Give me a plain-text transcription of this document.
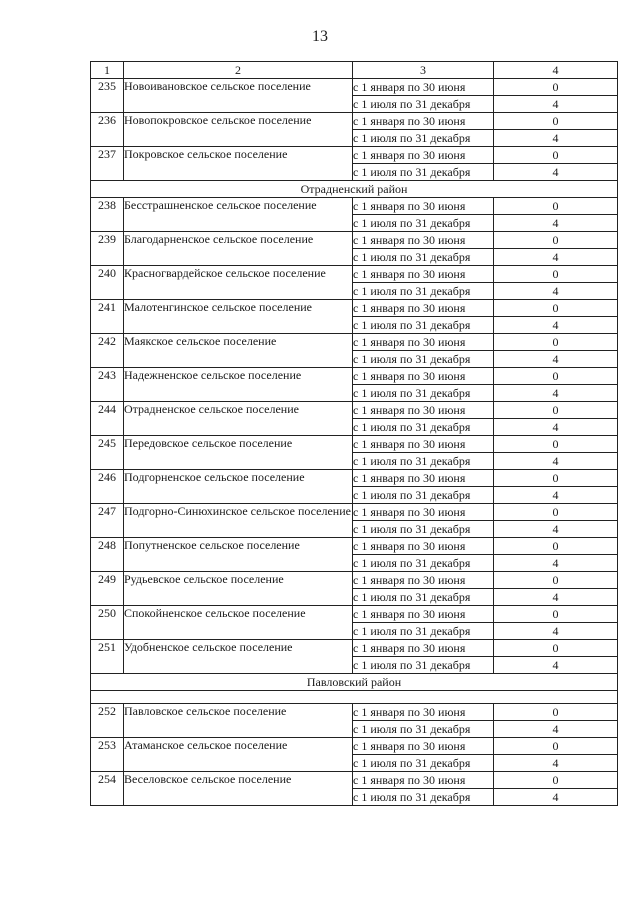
13
1	2	3	4
235	Новоивановское сельское поселение	с 1 января по 30 июня	0
		с 1 июля по 31 декабря	4
236	Новопокровское сельское поселение	с 1 января по 30 июня	0
		с 1 июля по 31 декабря	4
237	Покровское сельское поселение	с 1 января по 30 июня	0
		с 1 июля по 31 декабря	4
Отрадненский район			
238	Бесстрашненское сельское поселение	с 1 января по 30 июня	0
		с 1 июля по 31 декабря	4
239	Благодарненское сельское поселение	с 1 января по 30 июня	0
		с 1 июля по 31 декабря	4
240	Красногвардейское сельское поселение	с 1 января по 30 июня	0
		с 1 июля по 31 декабря	4
241	Малотенгинское сельское поселение	с 1 января по 30 июня	0
		с 1 июля по 31 декабря	4
242	Маякское сельское поселение	с 1 января по 30 июня	0
		с 1 июля по 31 декабря	4
243	Надежненское сельское поселение	с 1 января по 30 июня	0
		с 1 июля по 31 декабря	4
244	Отрадненское сельское поселение	с 1 января по 30 июня	0
		с 1 июля по 31 декабря	4
245	Передовское сельское поселение	с 1 января по 30 июня	0
		с 1 июля по 31 декабря	4
246	Подгорненское сельское поселение	с 1 января по 30 июня	0
		с 1 июля по 31 декабря	4
247	Подгорно-Синюхинское сельское поселение	с 1 января по 30 июня	0
		с 1 июля по 31 декабря	4
248	Попутненское сельское поселение	с 1 января по 30 июня	0
		с 1 июля по 31 декабря	4
249	Рудьевское сельское поселение	с 1 января по 30 июня	0
		с 1 июля по 31 декабря	4
250	Спокойненское сельское поселение	с 1 января по 30 июня	0
		с 1 июля по 31 декабря	4
251	Удобненское сельское поселение	с 1 января по 30 июня	0
		с 1 июля по 31 декабря	4
Павловский район			

252	Павловское сельское поселение	с 1 января по 30 июня	0
		с 1 июля по 31 декабря	4
253	Атаманское сельское поселение	с 1 января по 30 июня	0
		с 1 июля по 31 декабря	4
254	Веселовское сельское поселение	с 1 января по 30 июня	0
		с 1 июля по 31 декабря	4
